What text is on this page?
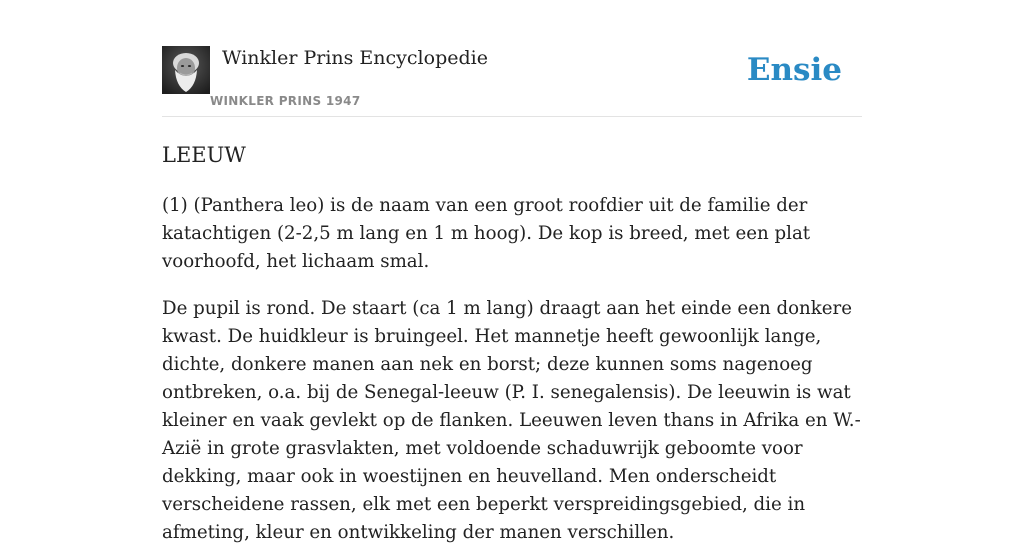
Winkler Prins Encyclopedie
WINKLER PRINS 1947
Ensie
LEEUW

(1) (Panthera leo) is de naam van een groot roofdier uit de familie der katachtigen (2-2,5 m lang en 1 m hoog). De kop is breed, met een plat voorhoofd, het lichaam smal.

De pupil is rond. De staart (ca 1 m lang) draagt aan het einde een donkere kwast. De huidkleur is bruingeel. Het mannetje heeft gewoonlijk lange, dichte, donkere manen aan nek en borst; deze kunnen soms nagenoeg ontbreken, o.a. bij de Senegal-leeuw (P. I. senegalensis). De leeuwin is wat kleiner en vaak gevlekt op de flanken. Leeuwen leven thans in Afrika en W.-Azië in grote grasvlakten, met voldoende schaduwrijk geboomte voor dekking, maar ook in woestijnen en heuvelland. Men onderscheidt verscheidene rassen, elk met een beperkt verspreidingsgebied, die in afmeting, kleur en ontwikkeling der manen verschillen.
